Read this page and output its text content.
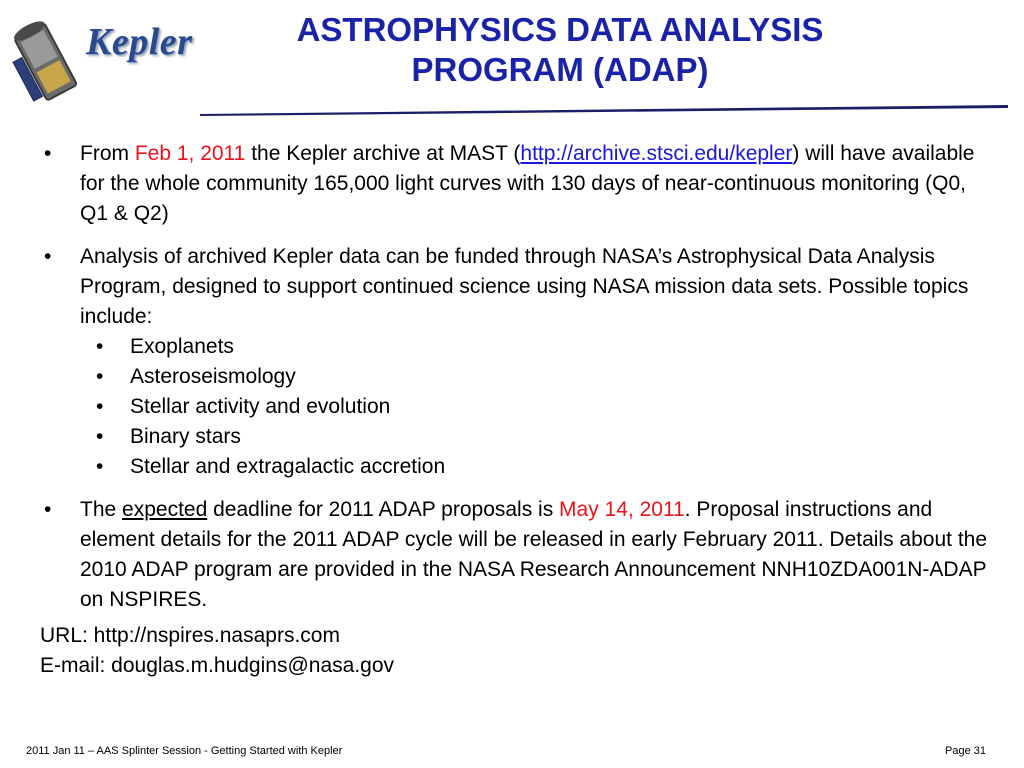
Kepler	ASTROPHYSICS DATA ANALYSIS
PROGRAM (ADAP)
• From Feb 1, 2011 the Kepler archive at MAST (http://archive.stsci.edu/kepler) will have available for the whole community 165,000 light curves with 130 days of near-continuous monitoring (Q0, Q1 & Q2)
• Analysis of archived Kepler data can be funded through NASA’s Astrophysical Data Analysis Program, designed to support continued science using NASA mission data sets. Possible topics include:
• Exoplanets
• Asteroseismology
• Stellar activity and evolution
• Binary stars
• Stellar and extragalactic accretion
• The expected deadline for 2011 ADAP proposals is May 14, 2011. Proposal instructions and element details for the 2011 ADAP cycle will be released in early February 2011. Details about the 2010 ADAP program are provided in the NASA Research Announcement NNH10ZDA001N-ADAP on NSPIRES.
URL: http://nspires.nasaprs.com
E-mail: douglas.m.hudgins@nasa.gov
2011 Jan 11 – AAS Splinter Session - Getting Started with Kepler	Page 31
